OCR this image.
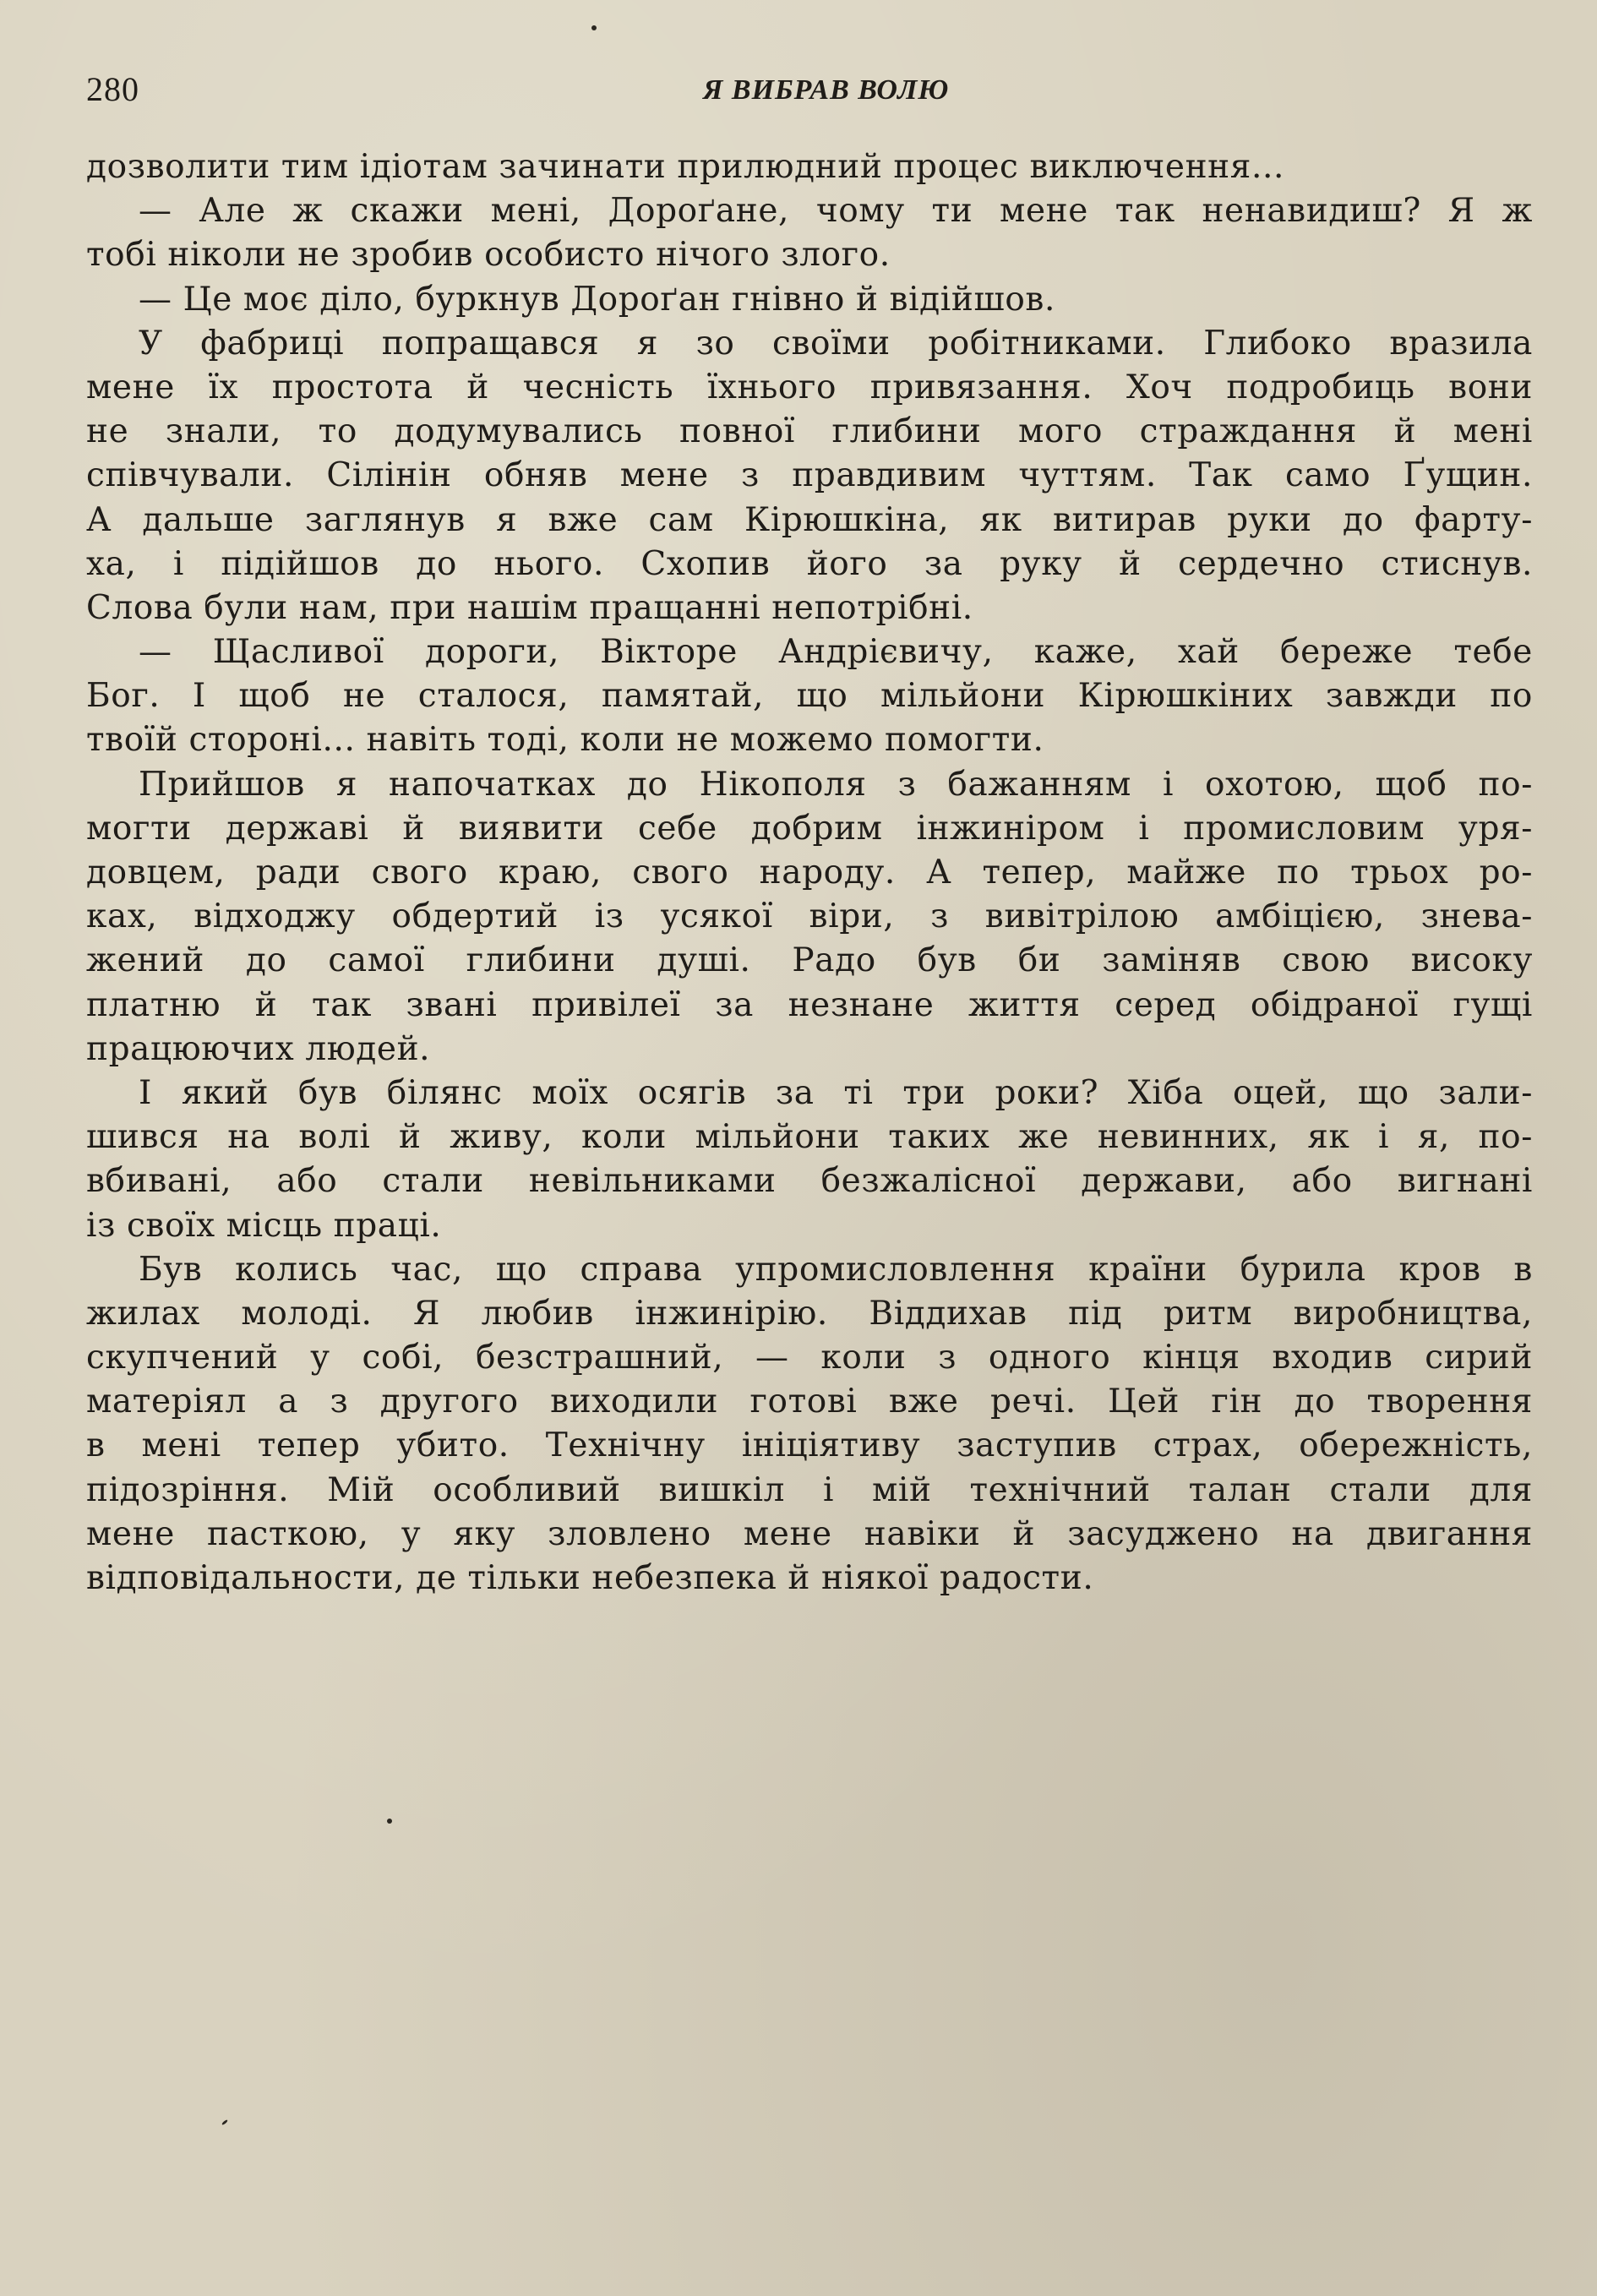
280	Я ВИБРАВ ВОЛЮ
дозволити тим ідіотам зачинати прилюдний процес виключення...
— Але ж скажи мені, Дороґане, чому ти мене так ненавидиш? Я ж
тобі ніколи не зробив особисто нічого злого.
— Це моє діло, буркнув Дороґан гнівно й відійшов.
У фабриці попращався я зо своїми робітниками. Глибоко вразила
мене їх простота й чесність їхнього привязання. Хоч подробиць вони
не знали, то додумувались повної глибини мого страждання й мені
співчували. Сілінін обняв мене з правдивим чуттям. Так само Ґущин.
А дальше заглянув я вже сам Кірюшкіна, як витирав руки до фарту-
ха, і підійшов до нього. Схопив його за руку й сердечно стиснув.
Слова були нам, при нашім пращанні непотрібні.
— Щасливої дороги, Вікторе Андрієвичу, каже, хай береже тебе
Бог. І щоб не сталося, памятай, що мільйони Кірюшкіних завжди по
твоїй стороні... навіть тоді, коли не можемо помогти.
Прийшов я напочатках до Нікополя з бажанням і охотою, щоб по-
могти державі й виявити себе добрим інжиніром і промисловим уря-
довцем, ради свого краю, свого народу. А тепер, майже по трьох ро-
ках, відходжу обдертий із усякої віри, з вивітрілою амбіцією, знева-
жений до самої глибини душі. Радо був би заміняв свою високу
платню й так звані привілеї за незнане життя серед обідраної гущі
працюючих людей.
І який був білянс моїх осягів за ті три роки? Хіба оцей, що зали-
шився на волі й живу, коли мільйони таких же невинних, як і я, по-
вбивані, або стали невільниками безжалісної держави, або вигнані
із своїх місць праці.
Був колись час, що справа упромисловлення країни бурила кров в
жилах молоді. Я любив інжинірію. Віддихав під ритм виробництва,
скупчений у собі, безстрашний, — коли з одного кінця входив сирий
матеріял а з другого виходили готові вже речі. Цей гін до творення
в мені тепер убито. Технічну ініціятиву заступив страх, обережність,
підозріння. Мій особливий вишкіл і мій технічний талан стали для
мене пасткою, у яку зловлено мене навіки й засуджено на двигання
відповідальности, де тільки небезпека й ніякої радости.
